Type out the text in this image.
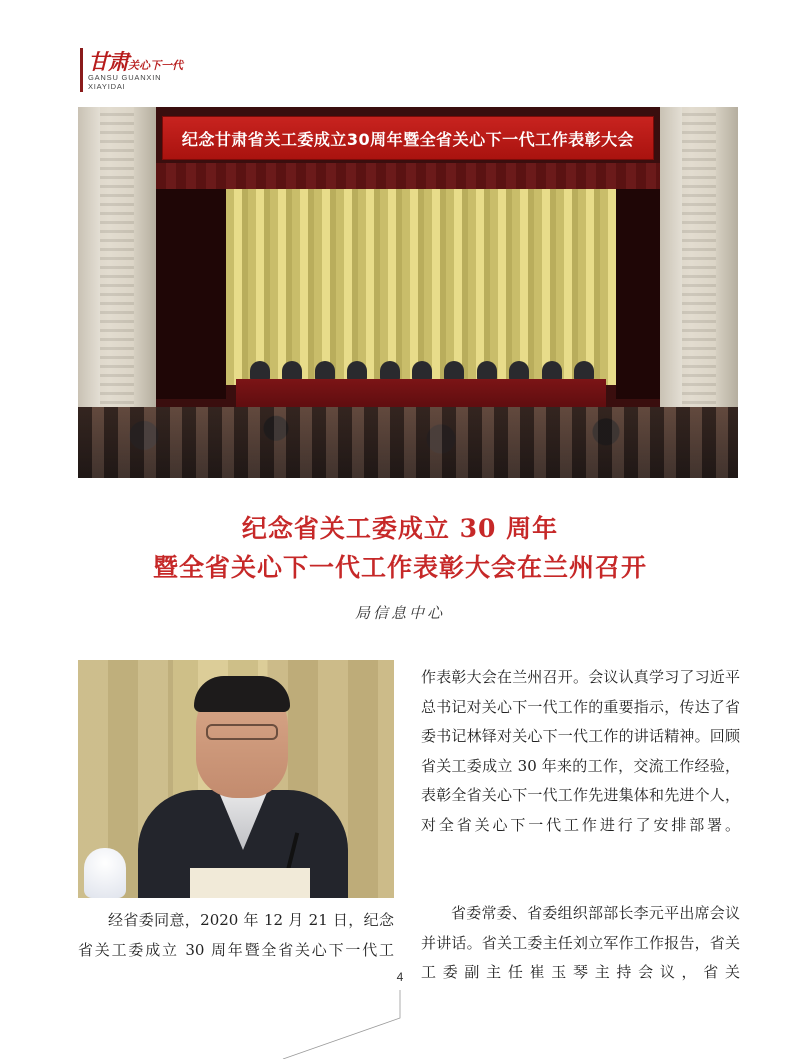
甘肃关心下一代
GANSU GUANXIN
XIAYIDAI
纪念甘肃省关工委成立30周年暨全省关心下一代工作表彰大会
纪念省关工委成立 30 周年
暨全省关心下一代工作表彰大会在兰州召开
局信息中心

经省委同意，2020 年 12 月 21 日，纪念省关工委成立 30 周年暨全省关心下一代工

作表彰大会在兰州召开。会议认真学习了习近平总书记对关心下一代工作的重要指示，传达了省委书记林铎对关心下一代工作的讲话精神。回顾省关工委成立 30 年来的工作，交流工作经验，表彰全省关心下一代工作先进集体和先进个人，对全省关心下一代工作进行了安排部署。

省委常委、省委组织部部长李元平出席会议并讲话。省关工委主任刘立军作工作报告，省关工委副主任崔玉琴主持会议，省关

4
